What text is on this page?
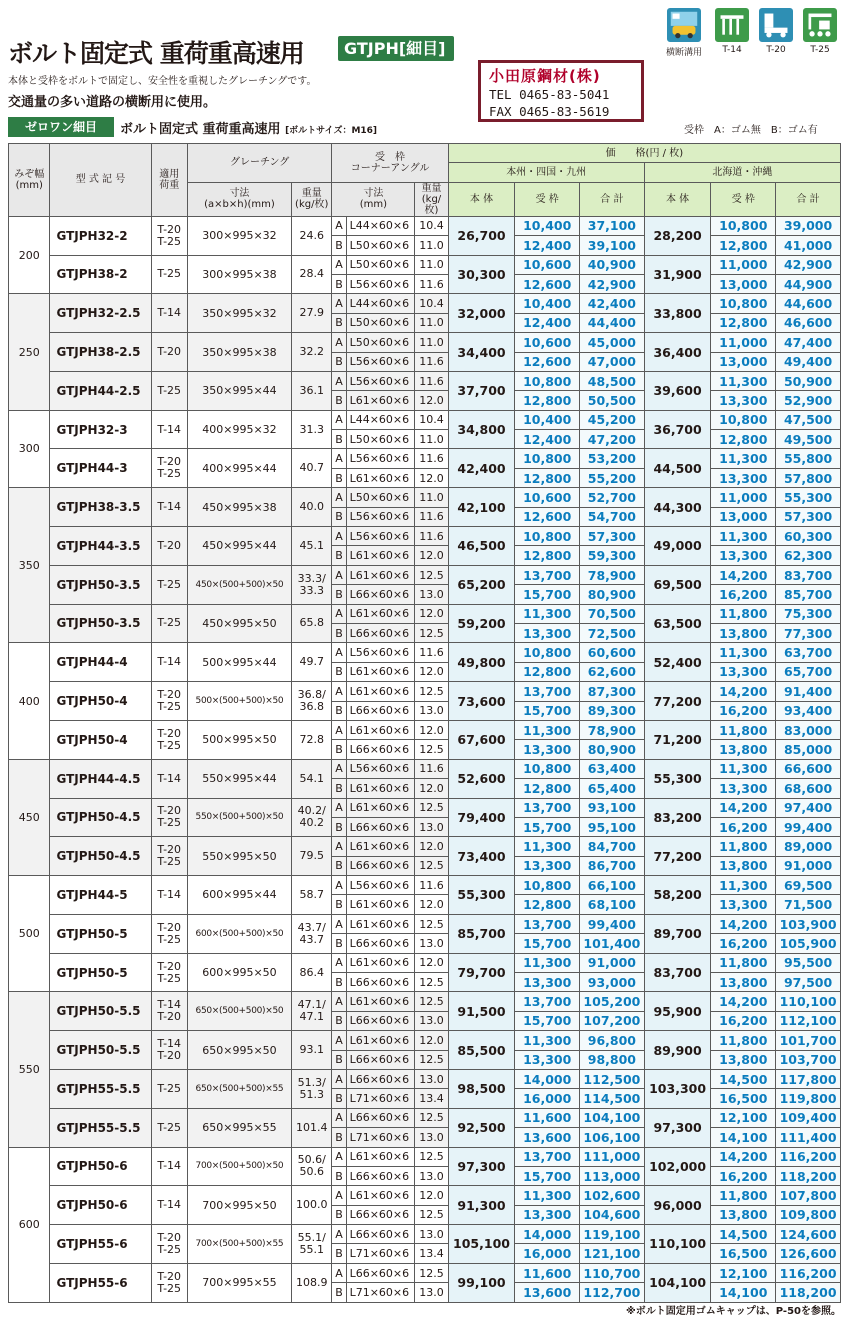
ボルト固定式 重荷重高速用	GTJPH[細目]
本体と受枠をボルトで固定し、安全性を重視したグレーチングです。
交通量の多い道路の横断用に使用。
ゼロワン細目	ボルト固定式 重荷重高速用 [ボルトサイズ：M16]	受枠　A：ゴム無　B：ゴム有
小田原鋼材(株)
TEL 0465-83-5041
FAX 0465-83-5619
横断溝用	T-14	T-20	T-25
みぞ幅
(mm)	型 式 記 号	適用
荷重	グレーチング		受　枠
コーナーアングル			価　　格(円 / 枚)					
								本州・四国・九州			北海道・沖縄		
			寸法
(a×b×h)(mm)	重量
(kg/枚)	寸法
(mm)		重量
(kg/枚)	本 体	受 枠	合 計	本 体	受 枠	合 計
200	GTJPH32-2	T-20
T-25	300×995×32	24.6	A	L44×60×6	10.4	26,700	10,400	37,100	28,200	10,800	39,000
					B	L50×60×6	11.0		12,400	39,100		12,800	41,000
	GTJPH38-2	T-25	300×995×38	28.4	A	L50×60×6	11.0	30,300	10,600	40,900	31,900	11,000	42,900
					B	L56×60×6	11.6		12,600	42,900		13,000	44,900
250	GTJPH32-2.5	T-14	350×995×32	27.9	A	L44×60×6	10.4	32,000	10,400	42,400	33,800	10,800	44,600
					B	L50×60×6	11.0		12,400	44,400		12,800	46,600
	GTJPH38-2.5	T-20	350×995×38	32.2	A	L50×60×6	11.0	34,400	10,600	45,000	36,400	11,000	47,400
					B	L56×60×6	11.6		12,600	47,000		13,000	49,400
	GTJPH44-2.5	T-25	350×995×44	36.1	A	L56×60×6	11.6	37,700	10,800	48,500	39,600	11,300	50,900
					B	L61×60×6	12.0		12,800	50,500		13,300	52,900
300	GTJPH32-3	T-14	400×995×32	31.3	A	L44×60×6	10.4	34,800	10,400	45,200	36,700	10,800	47,500
					B	L50×60×6	11.0		12,400	47,200		12,800	49,500
	GTJPH44-3	T-20
T-25	400×995×44	40.7	A	L56×60×6	11.6	42,400	10,800	53,200	44,500	11,300	55,800
					B	L61×60×6	12.0		12,800	55,200		13,300	57,800
350	GTJPH38-3.5	T-14	450×995×38	40.0	A	L50×60×6	11.0	42,100	10,600	52,700	44,300	11,000	55,300
					B	L56×60×6	11.6		12,600	54,700		13,000	57,300
	GTJPH44-3.5	T-20	450×995×44	45.1	A	L56×60×6	11.6	46,500	10,800	57,300	49,000	11,300	60,300
					B	L61×60×6	12.0		12,800	59,300		13,300	62,300
	GTJPH50-3.5	T-25	450×(500+500)×50	33.3/
33.3	A	L61×60×6	12.5	65,200	13,700	78,900	69,500	14,200	83,700
					B	L66×60×6	13.0		15,700	80,900		16,200	85,700
	GTJPH50-3.5	T-25	450×995×50	65.8	A	L61×60×6	12.0	59,200	11,300	70,500	63,500	11,800	75,300
					B	L66×60×6	12.5		13,300	72,500		13,800	77,300
400	GTJPH44-4	T-14	500×995×44	49.7	A	L56×60×6	11.6	49,800	10,800	60,600	52,400	11,300	63,700
					B	L61×60×6	12.0		12,800	62,600		13,300	65,700
	GTJPH50-4	T-20
T-25	500×(500+500)×50	36.8/
36.8	A	L61×60×6	12.5	73,600	13,700	87,300	77,200	14,200	91,400
					B	L66×60×6	13.0		15,700	89,300		16,200	93,400
	GTJPH50-4	T-20
T-25	500×995×50	72.8	A	L61×60×6	12.0	67,600	11,300	78,900	71,200	11,800	83,000
					B	L66×60×6	12.5		13,300	80,900		13,800	85,000
450	GTJPH44-4.5	T-14	550×995×44	54.1	A	L56×60×6	11.6	52,600	10,800	63,400	55,300	11,300	66,600
					B	L61×60×6	12.0		12,800	65,400		13,300	68,600
	GTJPH50-4.5	T-20
T-25	550×(500+500)×50	40.2/
40.2	A	L61×60×6	12.5	79,400	13,700	93,100	83,200	14,200	97,400
					B	L66×60×6	13.0		15,700	95,100		16,200	99,400
	GTJPH50-4.5	T-20
T-25	550×995×50	79.5	A	L61×60×6	12.0	73,400	11,300	84,700	77,200	11,800	89,000
					B	L66×60×6	12.5		13,300	86,700		13,800	91,000
500	GTJPH44-5	T-14	600×995×44	58.7	A	L56×60×6	11.6	55,300	10,800	66,100	58,200	11,300	69,500
					B	L61×60×6	12.0		12,800	68,100		13,300	71,500
	GTJPH50-5	T-20
T-25	600×(500+500)×50	43.7/
43.7	A	L61×60×6	12.5	85,700	13,700	99,400	89,700	14,200	103,900
					B	L66×60×6	13.0		15,700	101,400		16,200	105,900
	GTJPH50-5	T-20
T-25	600×995×50	86.4	A	L61×60×6	12.0	79,700	11,300	91,000	83,700	11,800	95,500
					B	L66×60×6	12.5		13,300	93,000		13,800	97,500
550	GTJPH50-5.5	T-14
T-20	650×(500+500)×50	47.1/
47.1	A	L61×60×6	12.5	91,500	13,700	105,200	95,900	14,200	110,100
					B	L66×60×6	13.0		15,700	107,200		16,200	112,100
	GTJPH50-5.5	T-14
T-20	650×995×50	93.1	A	L61×60×6	12.0	85,500	11,300	96,800	89,900	11,800	101,700
					B	L66×60×6	12.5		13,300	98,800		13,800	103,700
	GTJPH55-5.5	T-25	650×(500+500)×55	51.3/
51.3	A	L66×60×6	13.0	98,500	14,000	112,500	103,300	14,500	117,800
					B	L71×60×6	13.4		16,000	114,500		16,500	119,800
	GTJPH55-5.5	T-25	650×995×55	101.4	A	L66×60×6	12.5	92,500	11,600	104,100	97,300	12,100	109,400
					B	L71×60×6	13.0		13,600	106,100		14,100	111,400
600	GTJPH50-6	T-14	700×(500+500)×50	50.6/
50.6	A	L61×60×6	12.5	97,300	13,700	111,000	102,000	14,200	116,200
					B	L66×60×6	13.0		15,700	113,000		16,200	118,200
	GTJPH50-6	T-14	700×995×50	100.0	A	L61×60×6	12.0	91,300	11,300	102,600	96,000	11,800	107,800
					B	L66×60×6	12.5		13,300	104,600		13,800	109,800
	GTJPH55-6	T-20
T-25	700×(500+500)×55	55.1/
55.1	A	L66×60×6	13.0	105,100	14,000	119,100	110,100	14,500	124,600
					B	L71×60×6	13.4		16,000	121,100		16,500	126,600
	GTJPH55-6	T-20
T-25	700×995×55	108.9	A	L66×60×6	12.5	99,100	11,600	110,700	104,100	12,100	116,200
					B	L71×60×6	13.0		13,600	112,700		14,100	118,200
※ボルト固定用ゴムキャップは、P-50を参照。
